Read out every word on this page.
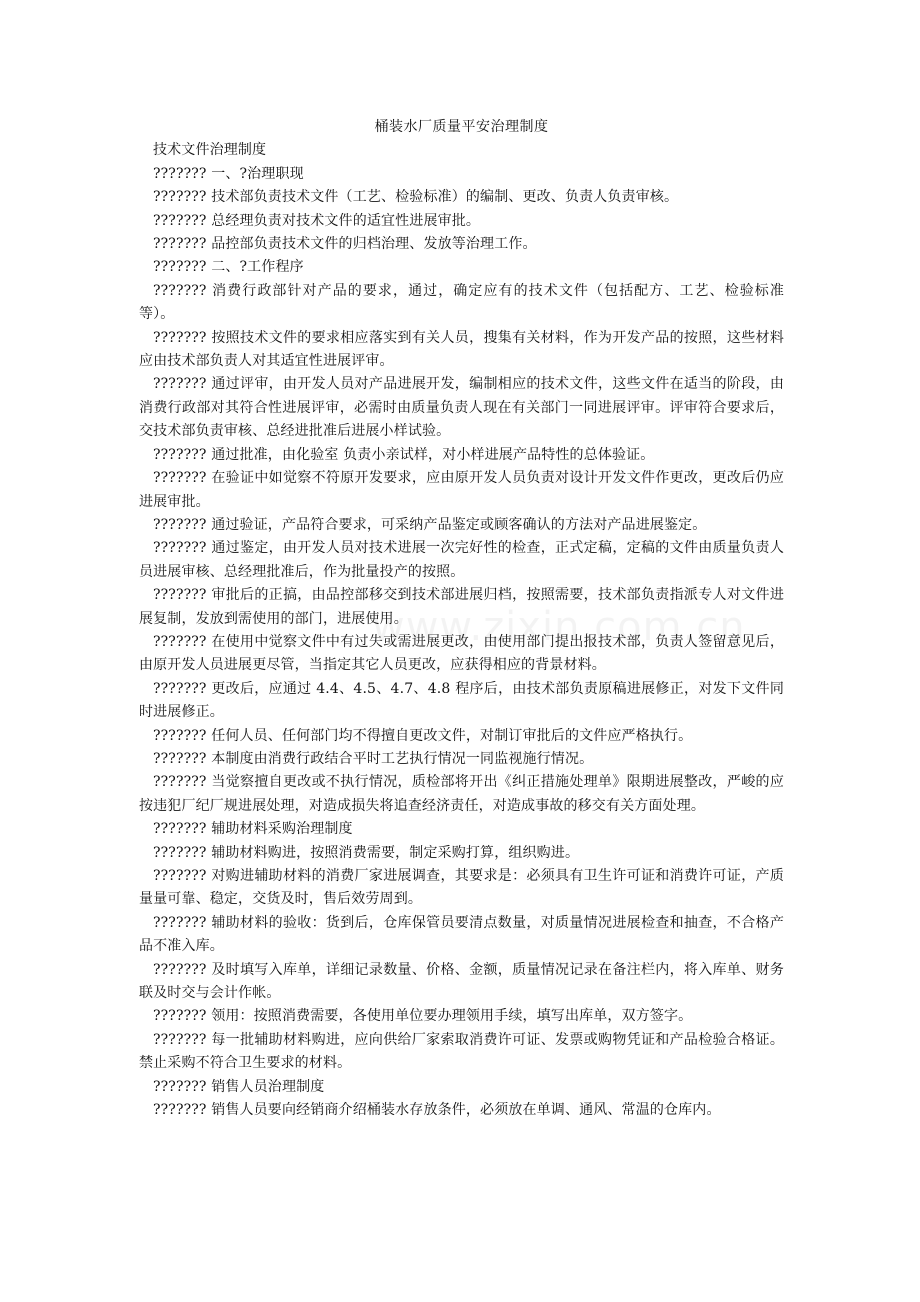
桶装水厂质量平安治理制度

技术文件治理制度

??????? 一、?治理职现

??????? 技术部负责技术文件（工艺、检验标准）的编制、更改、负责人负责审核。

??????? 总经理负责对技术文件的适宜性进展审批。

??????? 品控部负责技术文件的归档治理、发放等治理工作。

??????? 二、?工作程序

??????? 消费行政部针对产品的要求，通过，确定应有的技术文件（包括配方、工艺、检验标准等）。

??????? 按照技术文件的要求相应落实到有关人员，搜集有关材料，作为开发产品的按照，这些材料应由技术部负责人对其适宜性进展评审。

??????? 通过评审，由开发人员对产品进展开发，编制相应的技术文件，这些文件在适当的阶段，由消费行政部对其符合性进展评审，必需时由质量负责人现在有关部门一同进展评审。评审符合要求后，交技术部负责审核、总经进批准后进展小样试验。

??????? 通过批准，由化验室 负责小亲试样，对小样进展产品特性的总体验证。

??????? 在验证中如觉察不符原开发要求，应由原开发人员负责对设计开发文件作更改，更改后仍应进展审批。

??????? 通过验证，产品符合要求，可采纳产品鉴定或顾客确认的方法对产品进展鉴定。

??????? 通过鉴定，由开发人员对技术进展一次完好性的检查，正式定稿，定稿的文件由质量负责人员进展审核、总经理批准后，作为批量投产的按照。

??????? 审批后的正搞，由品控部移交到技术部进展归档，按照需要，技术部负责指派专人对文件进展复制，发放到需使用的部门，进展使用。

??????? 在使用中觉察文件中有过失或需进展更改，由使用部门提出报技术部，负责人签留意见后，由原开发人员进展更尽管，当指定其它人员更改，应获得相应的背景材料。

??????? 更改后，应通过 4.4、4.5、4.7、4.8 程序后，由技术部负责原稿进展修正，对发下文件同时进展修正。

??????? 任何人员、任何部门均不得擅自更改文件，对制订审批后的文件应严格执行。

??????? 本制度由消费行政结合平时工艺执行情况一同监视施行情况。

??????? 当觉察擅自更改或不执行情况，质检部将开出《纠正措施处理单》限期进展整改，严峻的应按违犯厂纪厂规进展处理，对造成损失将追查经济责任，对造成事故的移交有关方面处理。

??????? 辅助材料采购治理制度

??????? 辅助材料购进，按照消费需要，制定采购打算，组织购进。

??????? 对购进辅助材料的消费厂家进展调查，其要求是：必须具有卫生许可证和消费许可证，产质量量可靠、稳定，交货及时，售后效劳周到。

??????? 辅助材料的验收：货到后，仓库保管员要清点数量，对质量情况进展检查和抽查，不合格产品不准入库。

??????? 及时填写入库单，详细记录数量、价格、金额，质量情况记录在备注栏内，将入库单、财务联及时交与会计作帐。

??????? 领用：按照消费需要，各使用单位要办理领用手续，填写出库单，双方签字。

??????? 每一批辅助材料购进，应向供给厂家索取消费许可证、发票或购物凭证和产品检验合格证。禁止采购不符合卫生要求的材料。

??????? 销售人员治理制度

??????? 销售人员要向经销商介绍桶装水存放条件，必须放在单调、通风、常温的仓库内。
